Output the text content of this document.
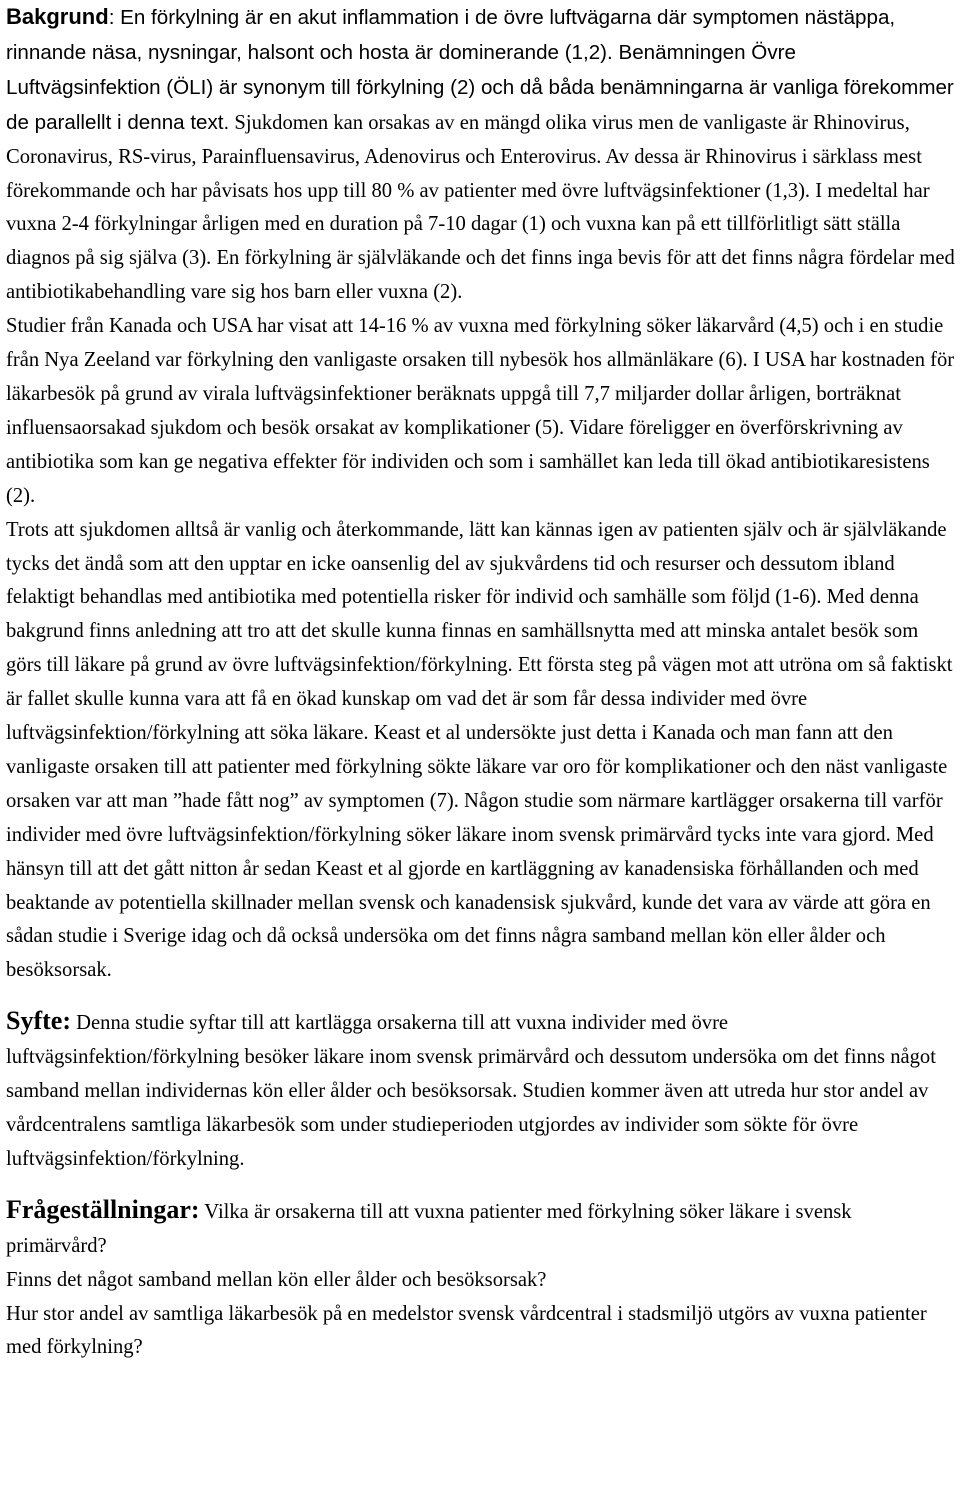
Bakgrund: En förkylning är en akut inflammation i de övre luftvägarna där symptomen nästäppa, rinnande näsa, nysningar, halsont och hosta är dominerande (1,2). Benämningen Övre Luftvägsinfektion (ÖLI) är synonym till förkylning (2) och då båda benämningarna är vanliga förekommer de parallellt i denna text. Sjukdomen kan orsakas av en mängd olika virus men de vanligaste är Rhinovirus, Coronavirus, RS-virus, Parainfluensavirus, Adenovirus och Enterovirus. Av dessa är Rhinovirus i särklass mest förekommande och har påvisats hos upp till 80 % av patienter med övre luftvägsinfektioner (1,3). I medeltal har vuxna 2-4 förkylningar årligen med en duration på 7-10 dagar (1) och vuxna kan på ett tillförlitligt sätt ställa diagnos på sig själva (3). En förkylning är självläkande och det finns inga bevis för att det finns några fördelar med antibiotikabehandling vare sig hos barn eller vuxna (2).

Studier från Kanada och USA har visat att 14-16 % av vuxna med förkylning söker läkarvård (4,5) och i en studie från Nya Zeeland var förkylning den vanligaste orsaken till nybesök hos allmänläkare (6). I USA har kostnaden för läkarbesök på grund av virala luftvägsinfektioner beräknats uppgå till 7,7 miljarder dollar årligen, borträknat influensaorsakad sjukdom och besök orsakat av komplikationer (5). Vidare föreligger en överförskrivning av antibiotika som kan ge negativa effekter för individen och som i samhället kan leda till ökad antibiotikaresistens (2).

Trots att sjukdomen alltså är vanlig och återkommande, lätt kan kännas igen av patienten själv och är självläkande tycks det ändå som att den upptar en icke oansenlig del av sjukvårdens tid och resurser och dessutom ibland felaktigt behandlas med antibiotika med potentiella risker för individ och samhälle som följd (1-6). Med denna bakgrund finns anledning att tro att det skulle kunna finnas en samhällsnytta med att minska antalet besök som görs till läkare på grund av övre luftvägsinfektion/förkylning. Ett första steg på vägen mot att utröna om så faktiskt är fallet skulle kunna vara att få en ökad kunskap om vad det är som får dessa individer med övre luftvägsinfektion/förkylning att söka läkare. Keast et al undersökte just detta i Kanada och man fann att den vanligaste orsaken till att patienter med förkylning sökte läkare var oro för komplikationer och den näst vanligaste orsaken var att man ”hade fått nog” av symptomen (7). Någon studie som närmare kartlägger orsakerna till varför individer med övre luftvägsinfektion/förkylning söker läkare inom svensk primärvård tycks inte vara gjord. Med hänsyn till att det gått nitton år sedan Keast et al gjorde en kartläggning av kanadensiska förhållanden och med beaktande av potentiella skillnader mellan svensk och kanadensisk sjukvård, kunde det vara av värde att göra en sådan studie i Sverige idag och då också undersöka om det finns några samband mellan kön eller ålder och besöksorsak.

Syfte: Denna studie syftar till att kartlägga orsakerna till att vuxna individer med övre luftvägsinfektion/förkylning besöker läkare inom svensk primärvård och dessutom undersöka om det finns något samband mellan individernas kön eller ålder och besöksorsak. Studien kommer även att utreda hur stor andel av vårdcentralens samtliga läkarbesök som under studieperioden utgjordes av individer som sökte för övre luftvägsinfektion/förkylning.

Frågeställningar: Vilka är orsakerna till att vuxna patienter med förkylning söker läkare i svensk primärvård?

Finns det något samband mellan kön eller ålder och besöksorsak?

Hur stor andel av samtliga läkarbesök på en medelstor svensk vårdcentral i stadsmiljö utgörs av vuxna patienter med förkylning?
